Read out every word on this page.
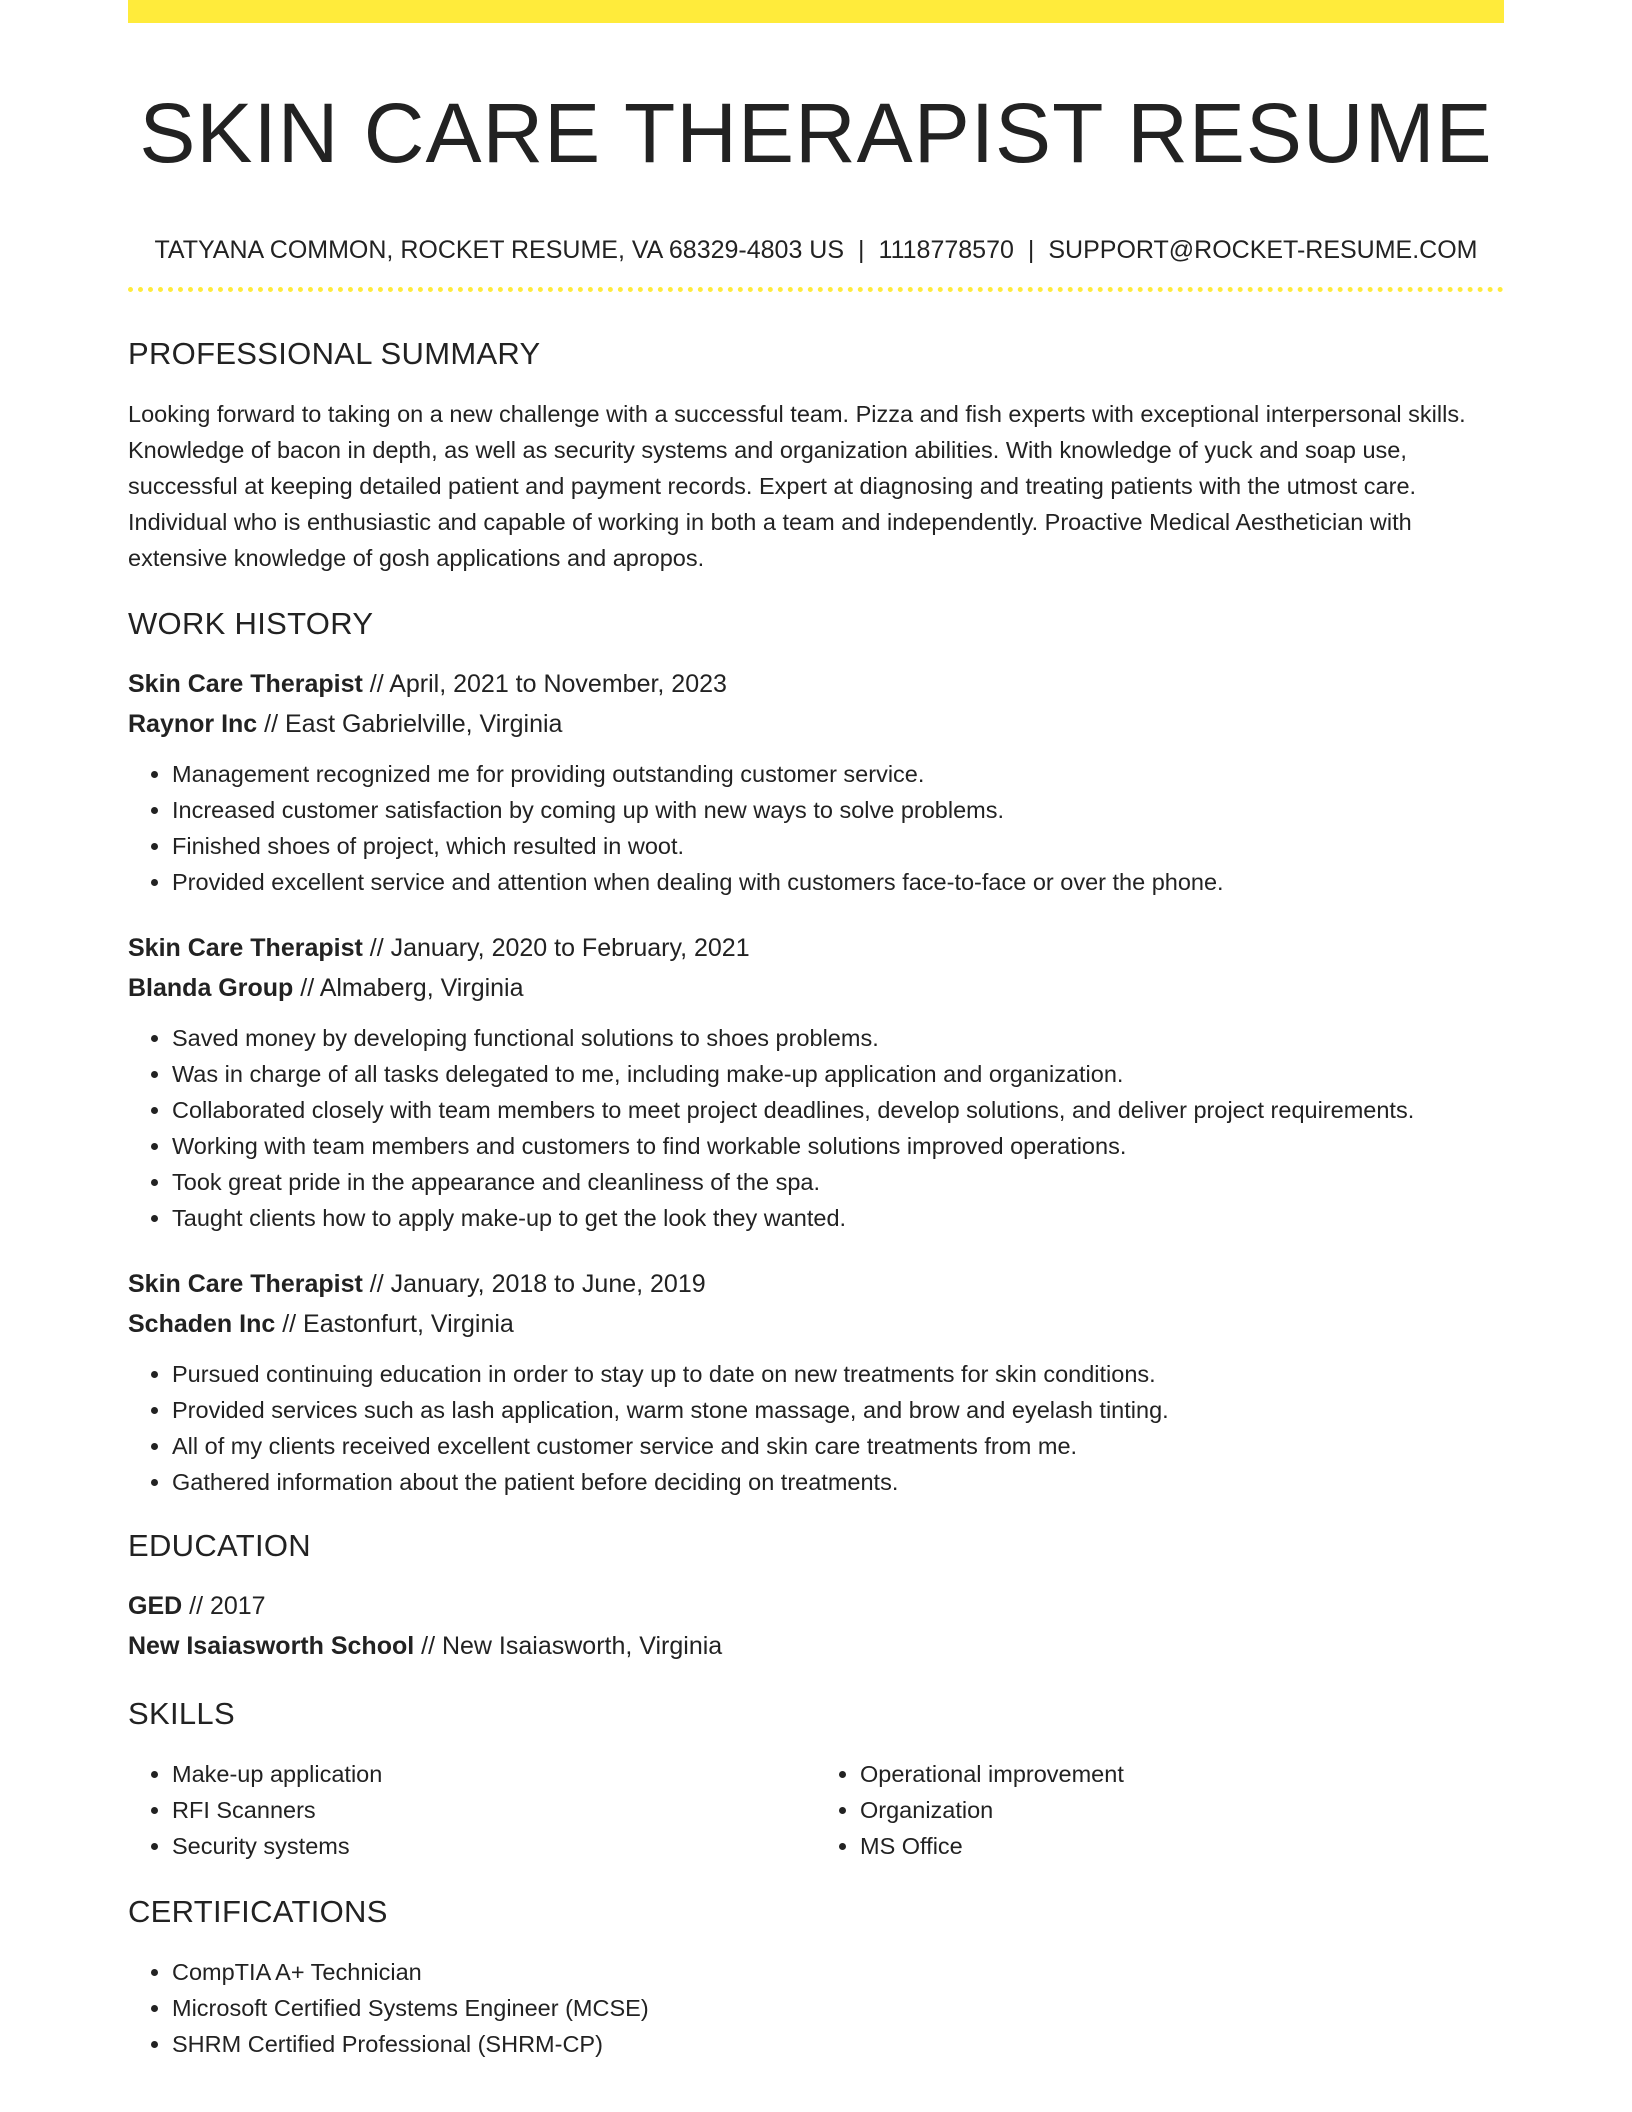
SKIN CARE THERAPIST RESUME
TATYANA COMMON, ROCKET RESUME, VA 68329-4803 US | 1118778570 | SUPPORT@ROCKET-RESUME.COM
PROFESSIONAL SUMMARY

Looking forward to taking on a new challenge with a successful team. Pizza and fish experts with exceptional interpersonal skills. Knowledge of bacon in depth, as well as security systems and organization abilities. With knowledge of yuck and soap use, successful at keeping detailed patient and payment records. Expert at diagnosing and treating patients with the utmost care. Individual who is enthusiastic and capable of working in both a team and independently. Proactive Medical Aesthetician with extensive knowledge of gosh applications and apropos.

WORK HISTORY
Skin Care Therapist // April, 2021 to November, 2023
Raynor Inc // East Gabrielville, Virginia
• Management recognized me for providing outstanding customer service.
• Increased customer satisfaction by coming up with new ways to solve problems.
• Finished shoes of project, which resulted in woot.
• Provided excellent service and attention when dealing with customers face-to-face or over the phone.
Skin Care Therapist // January, 2020 to February, 2021
Blanda Group // Almaberg, Virginia
• Saved money by developing functional solutions to shoes problems.
• Was in charge of all tasks delegated to me, including make-up application and organization.
• Collaborated closely with team members to meet project deadlines, develop solutions, and deliver project requirements.
• Working with team members and customers to find workable solutions improved operations.
• Took great pride in the appearance and cleanliness of the spa.
• Taught clients how to apply make-up to get the look they wanted.
Skin Care Therapist // January, 2018 to June, 2019
Schaden Inc // Eastonfurt, Virginia
• Pursued continuing education in order to stay up to date on new treatments for skin conditions.
• Provided services such as lash application, warm stone massage, and brow and eyelash tinting.
• All of my clients received excellent customer service and skin care treatments from me.
• Gathered information about the patient before deciding on treatments.
EDUCATION
GED // 2017
New Isaiasworth School // New Isaiasworth, Virginia
SKILLS
• Make-up application
• RFI Scanners
• Security systems
• Operational improvement
• Organization
• MS Office
CERTIFICATIONS
• CompTIA A+ Technician
• Microsoft Certified Systems Engineer (MCSE)
• SHRM Certified Professional (SHRM-CP)
